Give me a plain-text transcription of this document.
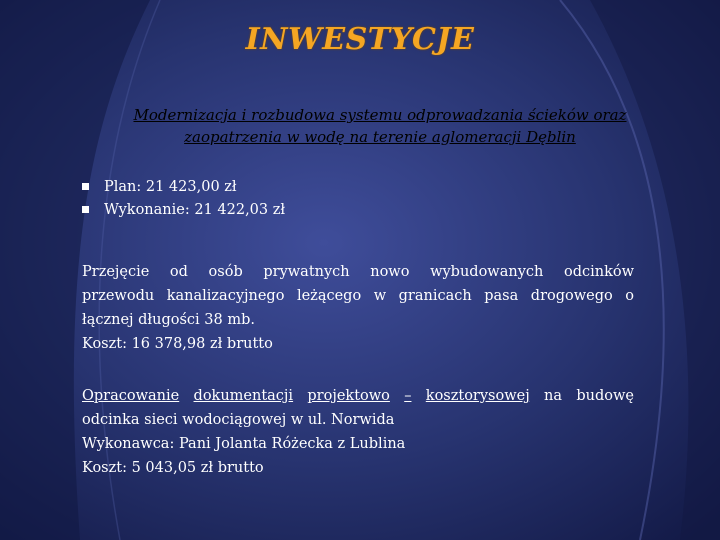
INWESTYCJE
Modernizacja i rozbudowa systemu odprowadzania ścieków oraz
zaopatrzenia w wodę na terenie aglomeracji Dęblin
Plan: 21 423,00 zł
Wykonanie: 21 422,03 zł
Przejęcie od osób prywatnych nowo wybudowanych odcinków
przewodu kanalizacyjnego leżącego w granicach pasa drogowego o
łącznej długości 38 mb.
Koszt: 16 378,98 zł brutto
Opracowanie dokumentacji projektowo – kosztorysowej na budowę
odcinka sieci wodociągowej w ul. Norwida
Wykonawca: Pani Jolanta Różecka z Lublina
Koszt: 5 043,05 zł brutto
